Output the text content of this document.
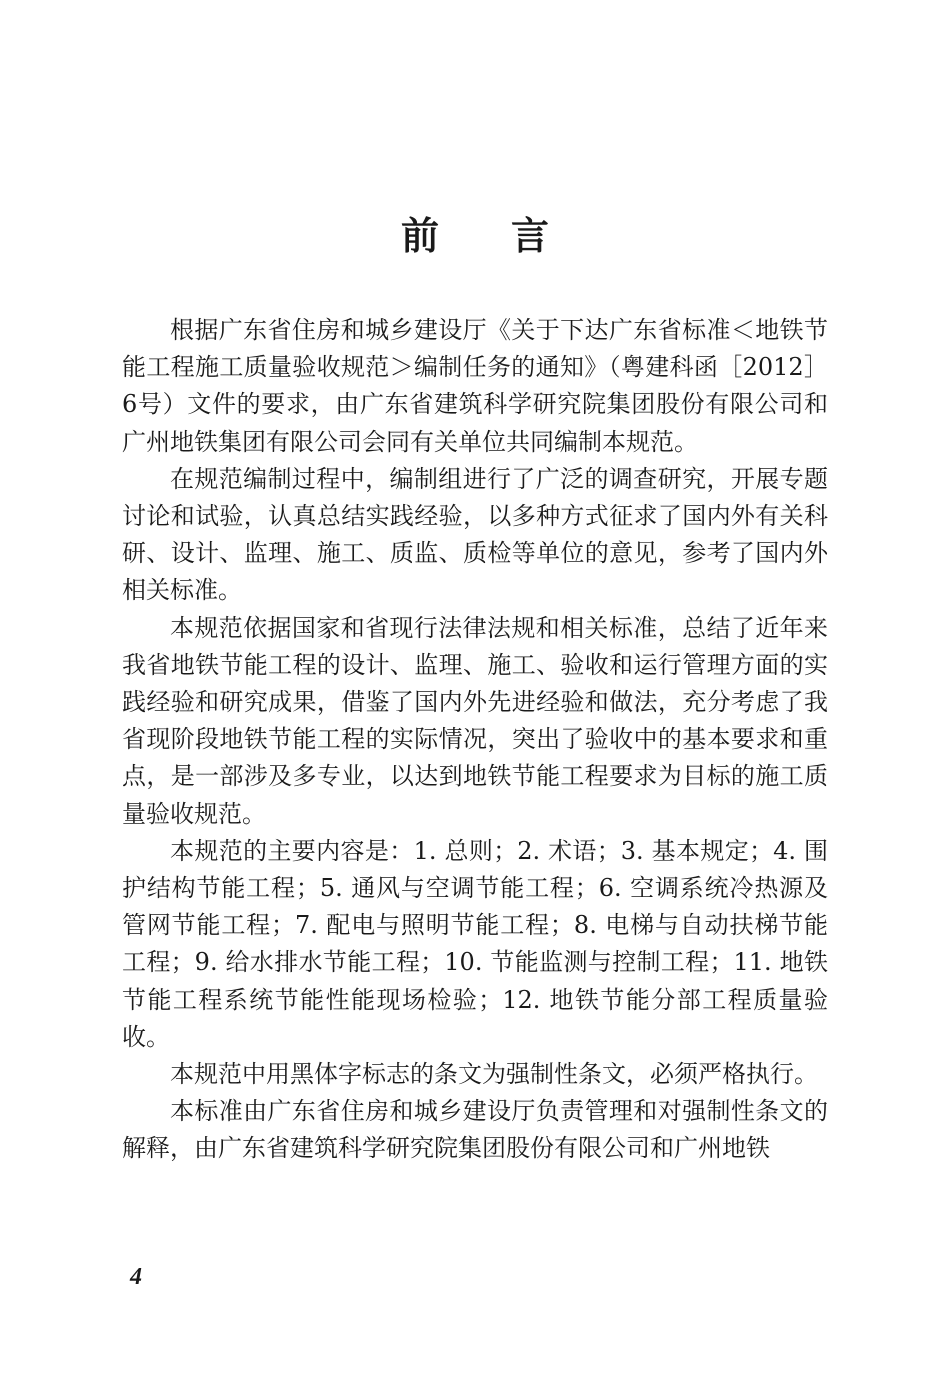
前 言

根据广东省住房和城乡建设厅《关于下达广东省标准＜地铁节能工程施工质量验收规范＞编制任务的通知》（粤建科函［2012］6号）文件的要求，由广东省建筑科学研究院集团股份有限公司和广州地铁集团有限公司会同有关单位共同编制本规范。

在规范编制过程中，编制组进行了广泛的调查研究，开展专题讨论和试验，认真总结实践经验，以多种方式征求了国内外有关科研、设计、监理、施工、质监、质检等单位的意见，参考了国内外相关标准。

本规范依据国家和省现行法律法规和相关标准，总结了近年来我省地铁节能工程的设计、监理、施工、验收和运行管理方面的实践经验和研究成果，借鉴了国内外先进经验和做法，充分考虑了我省现阶段地铁节能工程的实际情况，突出了验收中的基本要求和重点，是一部涉及多专业，以达到地铁节能工程要求为目标的施工质量验收规范。

本规范的主要内容是：1. 总则；2. 术语；3. 基本规定；4. 围护结构节能工程；5. 通风与空调节能工程；6. 空调系统冷热源及管网节能工程；7. 配电与照明节能工程；8. 电梯与自动扶梯节能工程；9. 给水排水节能工程；10. 节能监测与控制工程；11. 地铁节能工程系统节能性能现场检验；12. 地铁节能分部工程质量验收。

本规范中用黑体字标志的条文为强制性条文，必须严格执行。

本标准由广东省住房和城乡建设厅负责管理和对强制性条文的解释，由广东省建筑科学研究院集团股份有限公司和广州地铁

4
